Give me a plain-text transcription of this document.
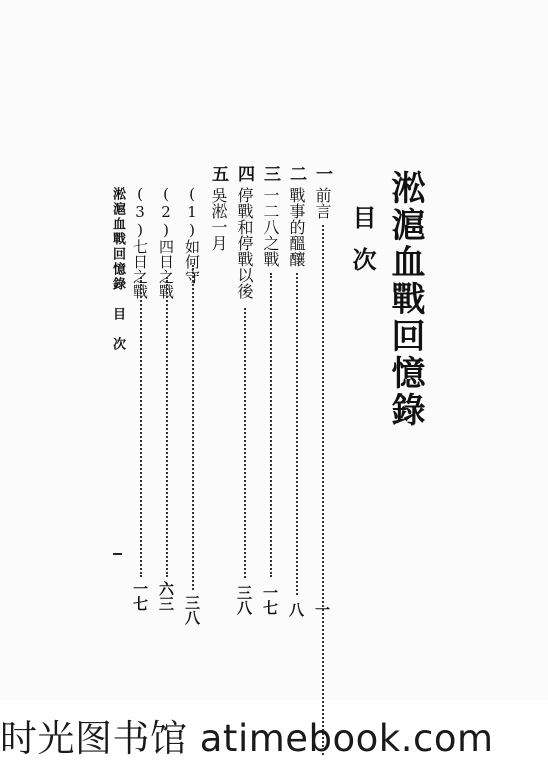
淞滬血戰回憶錄
目次
一
前言
一
二
戰事的醞釀
八
三
一二八之戰
一七
四
停戰和停戰以後
三八
五
吳淞一月
(1)如何守
三八
(2)四日之戰
六三
(3)七日之戰
一七
淞滬血戰回憶錄　目　次
时光图书馆 atimebook.com
